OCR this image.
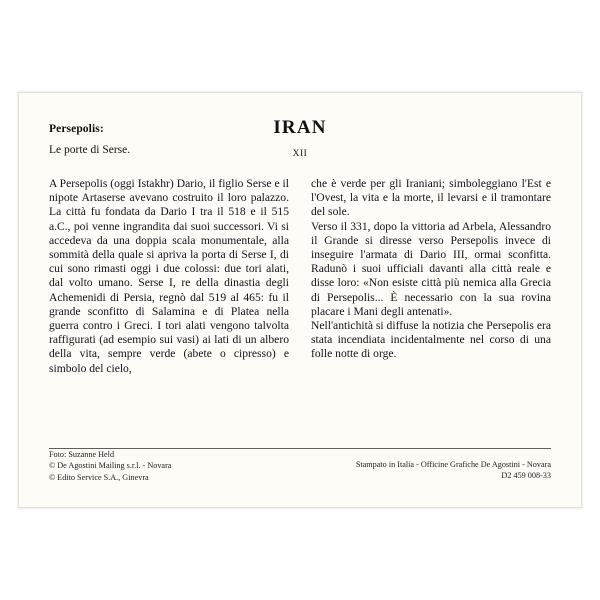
Persepolis:
Le porte di Serse.
IRAN
XII

A Persepolis (oggi Istakhr) Dario, il figlio Serse e il nipote Artaserse avevano costruito il loro palazzo. La città fu fondata da Dario I tra il 518 e il 515 a.C., poi venne ingrandita dai suoi successori. Vi si accedeva da una doppia scala monumentale, alla sommità della quale si apriva la porta di Serse I, di cui sono rimasti oggi i due colossi: due tori alati, dal volto umano. Serse I, re della dinastia degli Achemenidi di Persia, regnò dal 519 al 465: fu il grande sconfitto di Salamina e di Platea nella guerra contro i Greci. I tori alati vengono talvolta raffigurati (ad esempio sui vasi) ai lati di un albero della vita, sempre verde (abete o cipresso) e simbolo del cielo,

che è verde per gli Iraniani; simboleggiano l'Est e l'Ovest, la vita e la morte, il levarsi e il tramontare del sole.

Verso il 331, dopo la vittoria ad Arbela, Alessandro il Grande si diresse verso Persepolis invece di inseguire l'armata di Dario III, ormai sconfitta. Radunò i suoi ufficiali davanti alla città reale e disse loro: «Non esiste città più nemica alla Grecia di Persepolis... È necessario con la sua rovina placare i Mani degli antenati».

Nell'antichità si diffuse la notizia che Persepolis era stata incendiata incidentalmente nel corso di una folle notte di orge.

Foto: Suzanne Held
© De Agostini Mailing s.r.l. - Novara
© Edito Service S.A., Ginevra
Stampato in Italia - Officine Grafiche De Agostini - Novara
D2 459 008-33
